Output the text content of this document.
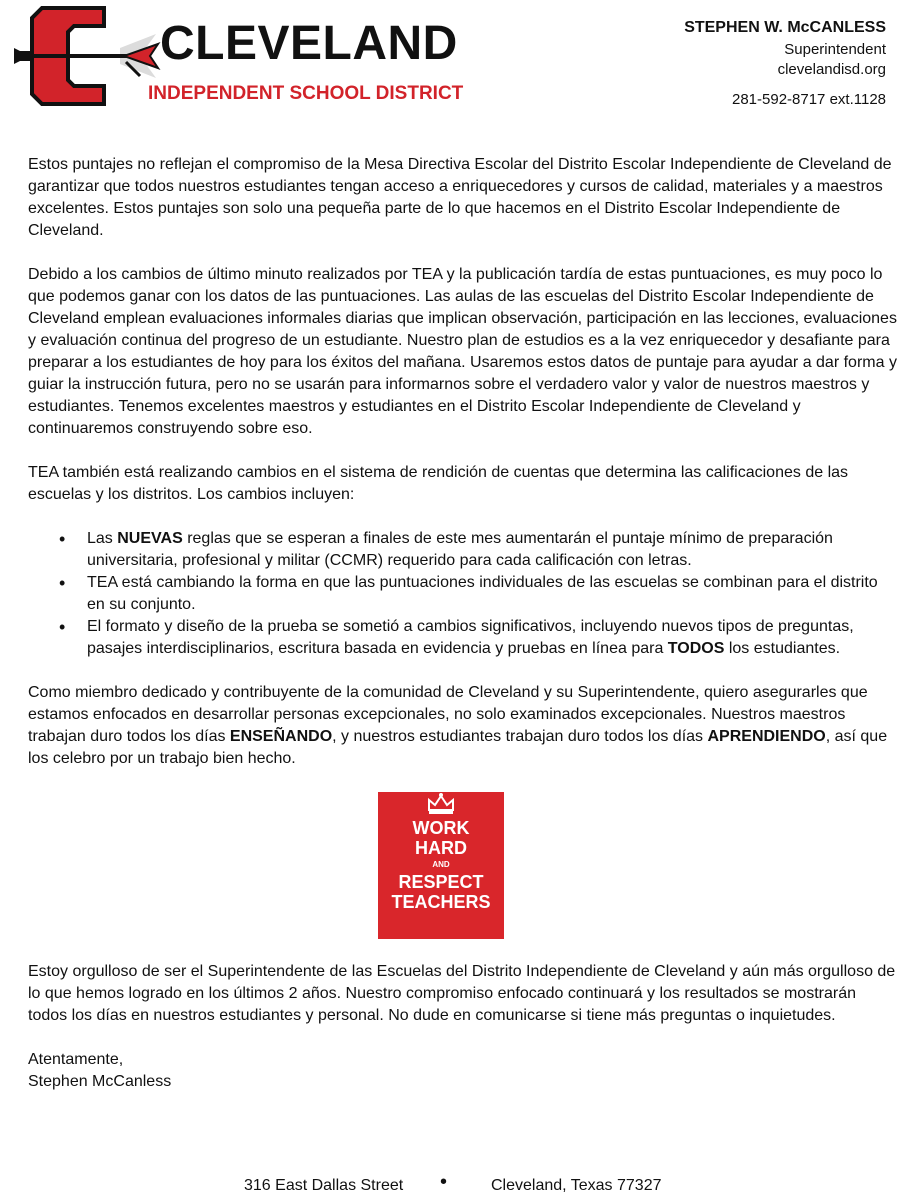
CLEVELAND
INDEPENDENT SCHOOL DISTRICT
STEPHEN W. McCANLESS
Superintendent
clevelandisd.org
281-592-8717 ext.1128

Estos puntajes no reflejan el compromiso de la Mesa Directiva Escolar del Distrito Escolar Independiente de Cleveland de garantizar que todos nuestros estudiantes tengan acceso a enriquecedores y cursos de calidad, materiales y a maestros excelentes. Estos puntajes son solo una pequeña parte de lo que hacemos en el Distrito Escolar Independiente de Cleveland.

Debido a los cambios de último minuto realizados por TEA y la publicación tardía de estas puntuaciones, es muy poco lo que podemos ganar con los datos de las puntuaciones. Las aulas de las escuelas del Distrito Escolar Independiente de Cleveland emplean evaluaciones informales diarias que implican observación, participación en las lecciones, evaluaciones y evaluación continua del progreso de un estudiante. Nuestro plan de estudios es a la vez enriquecedor y desafiante para preparar a los estudiantes de hoy para los éxitos del mañana. Usaremos estos datos de puntaje para ayudar a dar forma y guiar la instrucción futura, pero no se usarán para informarnos sobre el verdadero valor y valor de nuestros maestros y estudiantes. Tenemos excelentes maestros y estudiantes en el Distrito Escolar Independiente de Cleveland y continuaremos construyendo sobre eso.

TEA también está realizando cambios en el sistema de rendición de cuentas que determina las calificaciones de las escuelas y los distritos. Los cambios incluyen:

• Las NUEVAS reglas que se esperan a finales de este mes aumentarán el puntaje mínimo de preparación universitaria, profesional y militar (CCMR) requerido para cada calificación con letras.
• TEA está cambiando la forma en que las puntuaciones individuales de las escuelas se combinan para el distrito en su conjunto.
• El formato y diseño de la prueba se sometió a cambios significativos, incluyendo nuevos tipos de preguntas, pasajes interdisciplinarios, escritura basada en evidencia y pruebas en línea para TODOS los estudiantes.

Como miembro dedicado y contribuyente de la comunidad de Cleveland y su Superintendente, quiero asegurarles que estamos enfocados en desarrollar personas excepcionales, no solo examinados excepcionales. Nuestros maestros trabajan duro todos los días ENSEÑANDO, y nuestros estudiantes trabajan duro todos los días APRENDIENDO, así que los celebro por un trabajo bien hecho.

WORK
HARD
AND
RESPECT
TEACHERS

Estoy orgulloso de ser el Superintendente de las Escuelas del Distrito Independiente de Cleveland y aún más orgulloso de lo que hemos logrado en los últimos 2 años. Nuestro compromiso enfocado continuará y los resultados se mostrarán todos los días en nuestros estudiantes y personal. No dude en comunicarse si tiene más preguntas o inquietudes.

Atentamente,
Stephen McCanless
316 East Dallas Street •	Cleveland, Texas 77327
